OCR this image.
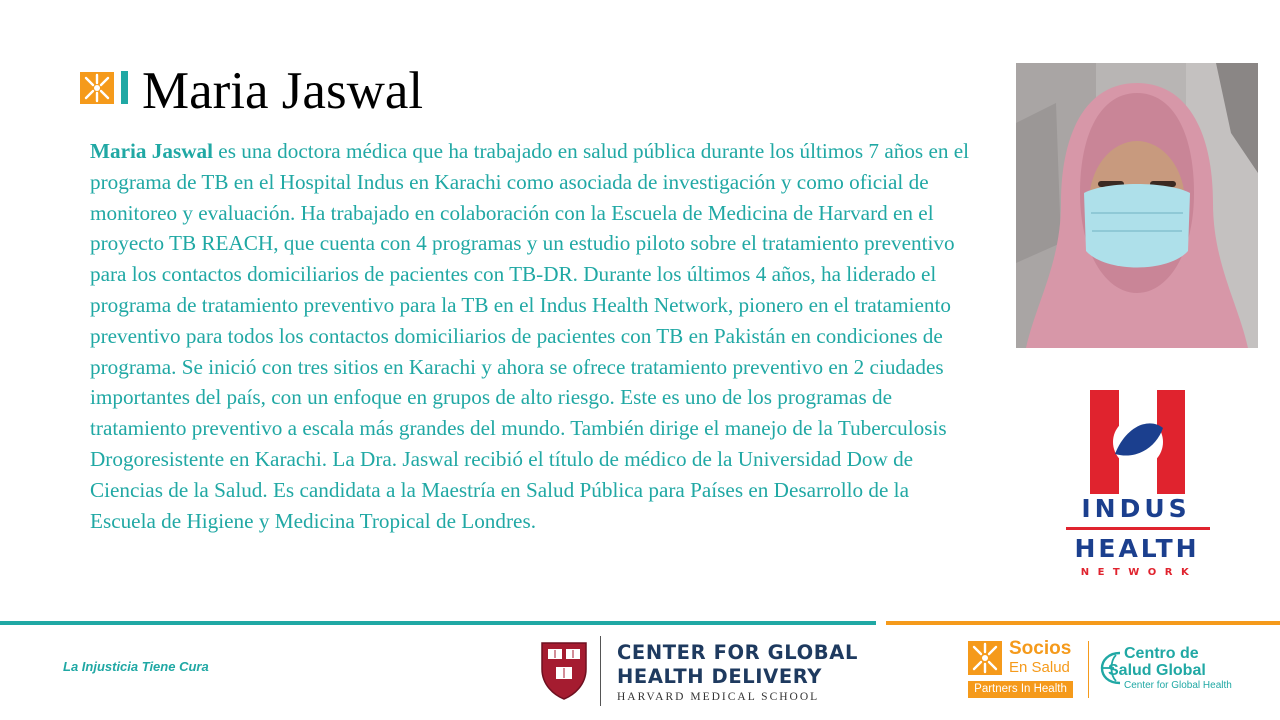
Maria Jaswal

Maria Jaswal es una doctora médica que ha trabajado en salud pública durante los últimos 7 años en el programa de TB en el Hospital Indus en Karachi como asociada de investigación y como oficial de monitoreo y evaluación. Ha trabajado en colaboración con la Escuela de Medicina de Harvard en el proyecto TB REACH, que cuenta con 4 programas y un estudio piloto sobre el tratamiento preventivo para los contactos domiciliarios de pacientes con TB-DR. Durante los últimos 4 años, ha liderado el programa de tratamiento preventivo para la TB en el Indus Health Network, pionero en el tratamiento preventivo para todos los contactos domiciliarios de pacientes con TB en Pakistán en condiciones de programa. Se inició con tres sitios en Karachi y ahora se ofrece tratamiento preventivo en 2 ciudades importantes del país, con un enfoque en grupos de alto riesgo. Este es uno de los programas de tratamiento preventivo a escala más grandes del mundo. También dirige el manejo de la Tuberculosis Drogoresistente en Karachi. La Dra. Jaswal recibió el título de médico de la Universidad Dow de Ciencias de la Salud. Es candidata a la Maestría en Salud Pública para Países en Desarrollo de la Escuela de Higiene y Medicina Tropical de Londres.	INDUS
HEALTH
NETWORK
La Injusticia Tiene Cura
CENTER FOR GLOBAL
HEALTH DELIVERY
HARVARD MEDICAL SCHOOL
Socios
En Salud
Partners In Health
Centro de
Salud Global
Center for Global Health
